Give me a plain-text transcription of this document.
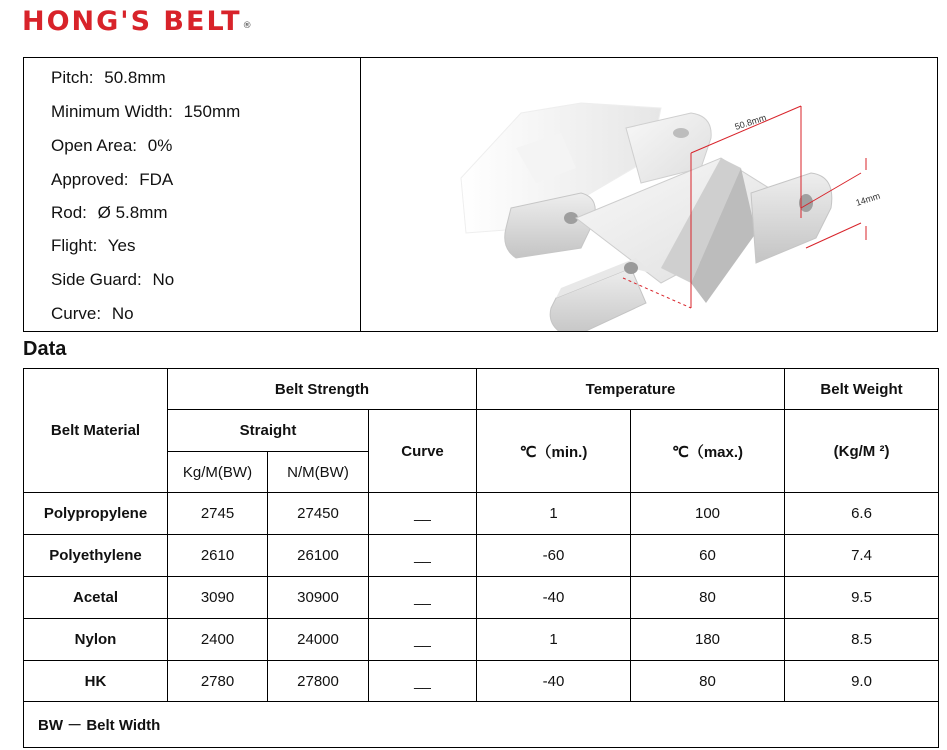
HONG'S BELT®
Pitch: 50.8mm
Minimum Width: 150mm
Open Area: 0%
Approved: FDA
Rod: Ø 5.8mm
Flight: Yes
Side Guard: No
Curve: No
50.8mm
14mm
Data
Belt Material	Belt Strength			Temperature		Belt Weight
	Straight		Curve	℃（min.)	℃（max.)	(Kg/M ²)
	Kg/M(BW)	N/M(BW)				
Polypropylene	2745	27450	__	1	100	6.6
Polyethylene	2610	26100	__	-60	60	7.4
Acetal	3090	30900	__	-40	80	9.5
Nylon	2400	24000	__	1	180	8.5
HK	2780	27800	__	-40	80	9.0
BW － Belt Width						
